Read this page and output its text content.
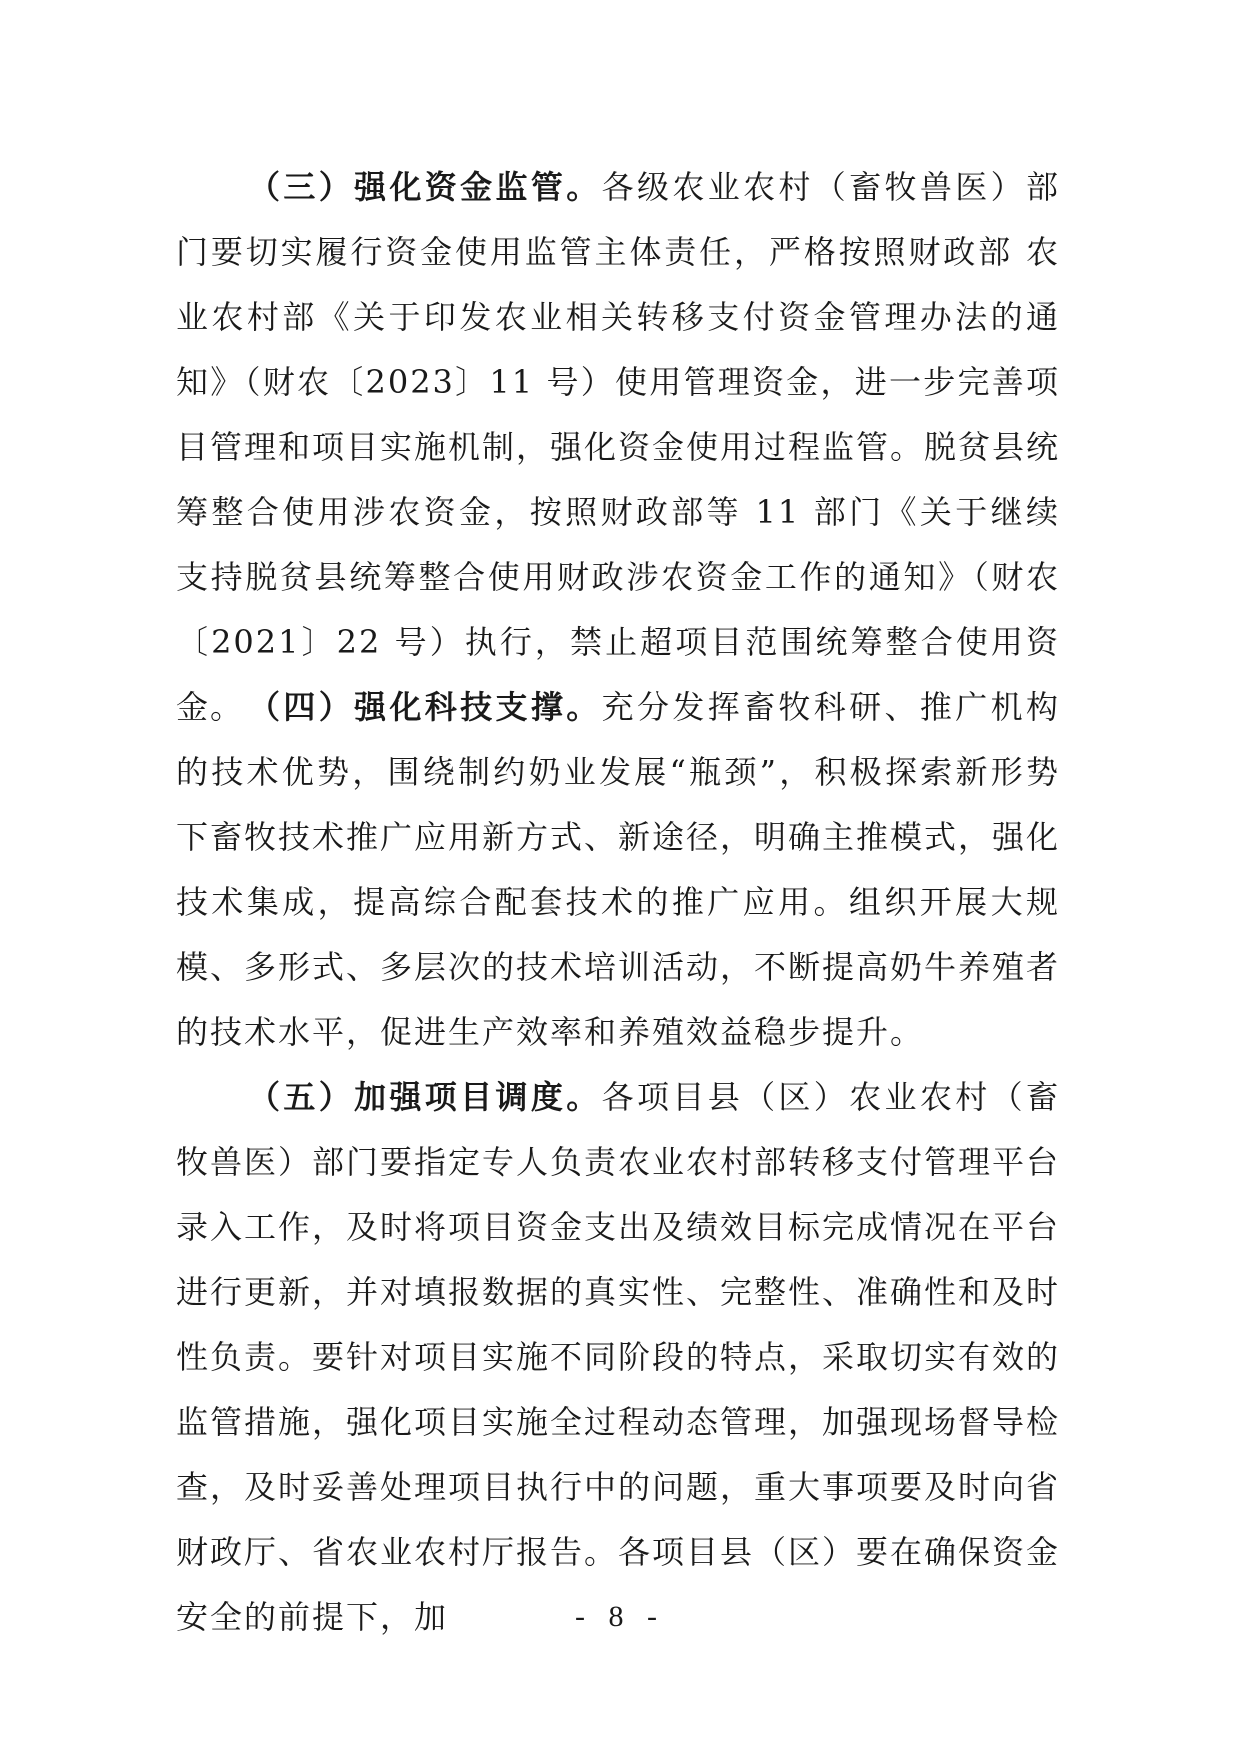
（三）强化资金监管。各级农业农村（畜牧兽医）部门要切实履行资金使用监管主体责任，严格按照财政部 农业农村部《关于印发农业相关转移支付资金管理办法的通知》（财农〔2023〕11 号）使用管理资金，进一步完善项目管理和项目实施机制，强化资金使用过程监管。脱贫县统筹整合使用涉农资金，按照财政部等 11 部门《关于继续支持脱贫县统筹整合使用财政涉农资金工作的通知》（财农〔2021〕22 号）执行，禁止超项目范围统筹整合使用资金。 （四）强化科技支撑。充分发挥畜牧科研、推广机构的技术优势，围绕制约奶业发展“瓶颈”，积极探索新形势下畜牧技术推广应用新方式、新途径，明确主推模式，强化技术集成，提高综合配套技术的推广应用。组织开展大规模、多形式、多层次的技术培训活动，不断提高奶牛养殖者的技术水平，促进生产效率和养殖效益稳步提升。

（五）加强项目调度。各项目县（区）农业农村（畜牧兽医）部门要指定专人负责农业农村部转移支付管理平台录入工作，及时将项目资金支出及绩效目标完成情况在平台进行更新，并对填报数据的真实性、完整性、准确性和及时性负责。要针对项目实施不同阶段的特点，采取切实有效的监管措施，强化项目实施全过程动态管理，加强现场督导检查，及时妥善处理项目执行中的问题，重大事项要及时向省财政厅、省农业农村厅报告。各项目县（区）要在确保资金安全的前提下，加	- 8 -
